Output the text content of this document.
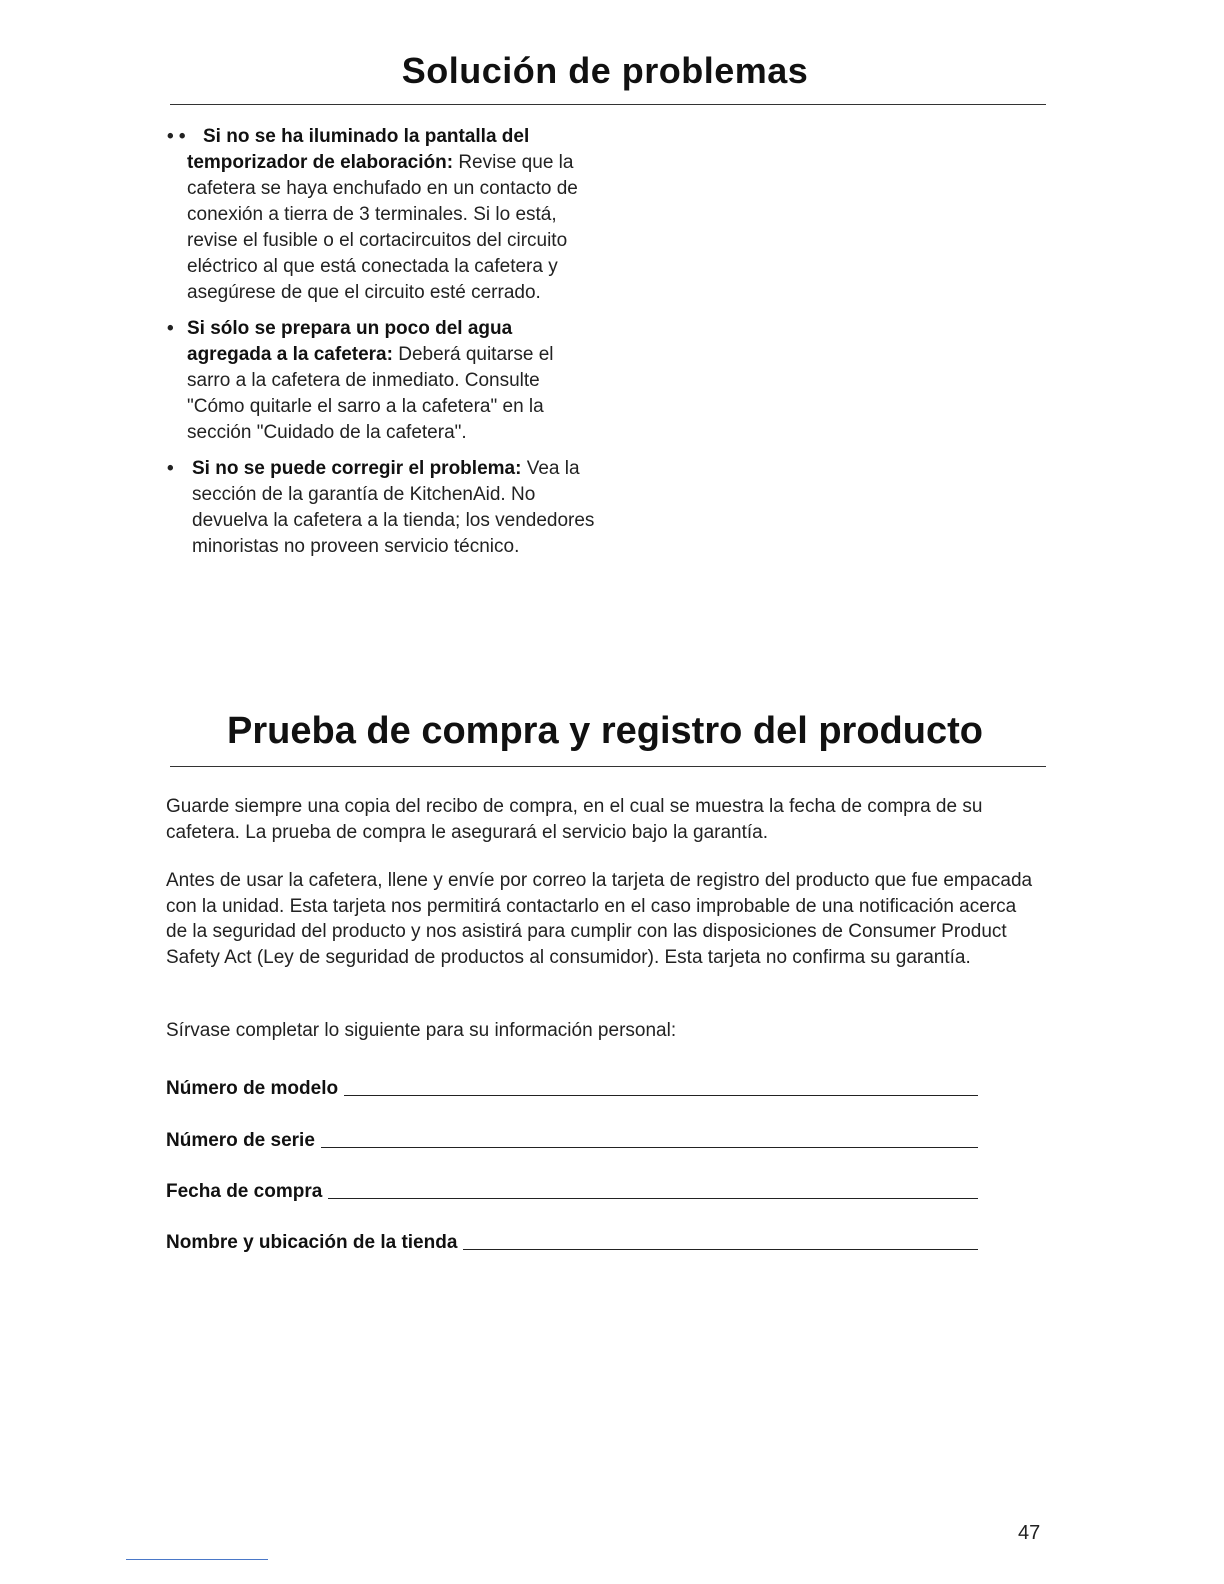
Solución de problemas
• • Si no se ha iluminado la pantalla del temporizador de elaboración: Revise que la cafetera se haya enchufado en un contacto de conexión a tierra de 3 terminales. Si lo está, revise el fusible o el cortacircuitos del circuito eléctrico al que está conectada la cafetera y asegúrese de que el circuito esté cerrado.
• Si sólo se prepara un poco del agua agregada a la cafetera: Deberá quitarse el sarro a la cafetera de inmediato. Consulte "Cómo quitarle el sarro a la cafetera" en la sección "Cuidado de la cafetera".
• Si no se puede corregir el problema: Vea la sección de la garantía de KitchenAid. No devuelva la cafetera a la tienda; los vendedores minoristas no proveen servicio técnico.
Prueba de compra y registro del producto

Guarde siempre una copia del recibo de compra, en el cual se muestra la fecha de compra de su cafetera. La prueba de compra le asegurará el servicio bajo la garantía.

Antes de usar la cafetera, llene y envíe por correo la tarjeta de registro del producto que fue empacada con la unidad. Esta tarjeta nos permitirá contactarlo en el caso improbable de una notificación acerca de la seguridad del producto y nos asistirá para cumplir con las disposiciones de Consumer Product Safety Act (Ley de seguridad de productos al consumidor). Esta tarjeta no confirma su garantía.

Sírvase completar lo siguiente para su información personal:

Número de modelo
Número de serie
Fecha de compra
Nombre y ubicación de la tienda
47
